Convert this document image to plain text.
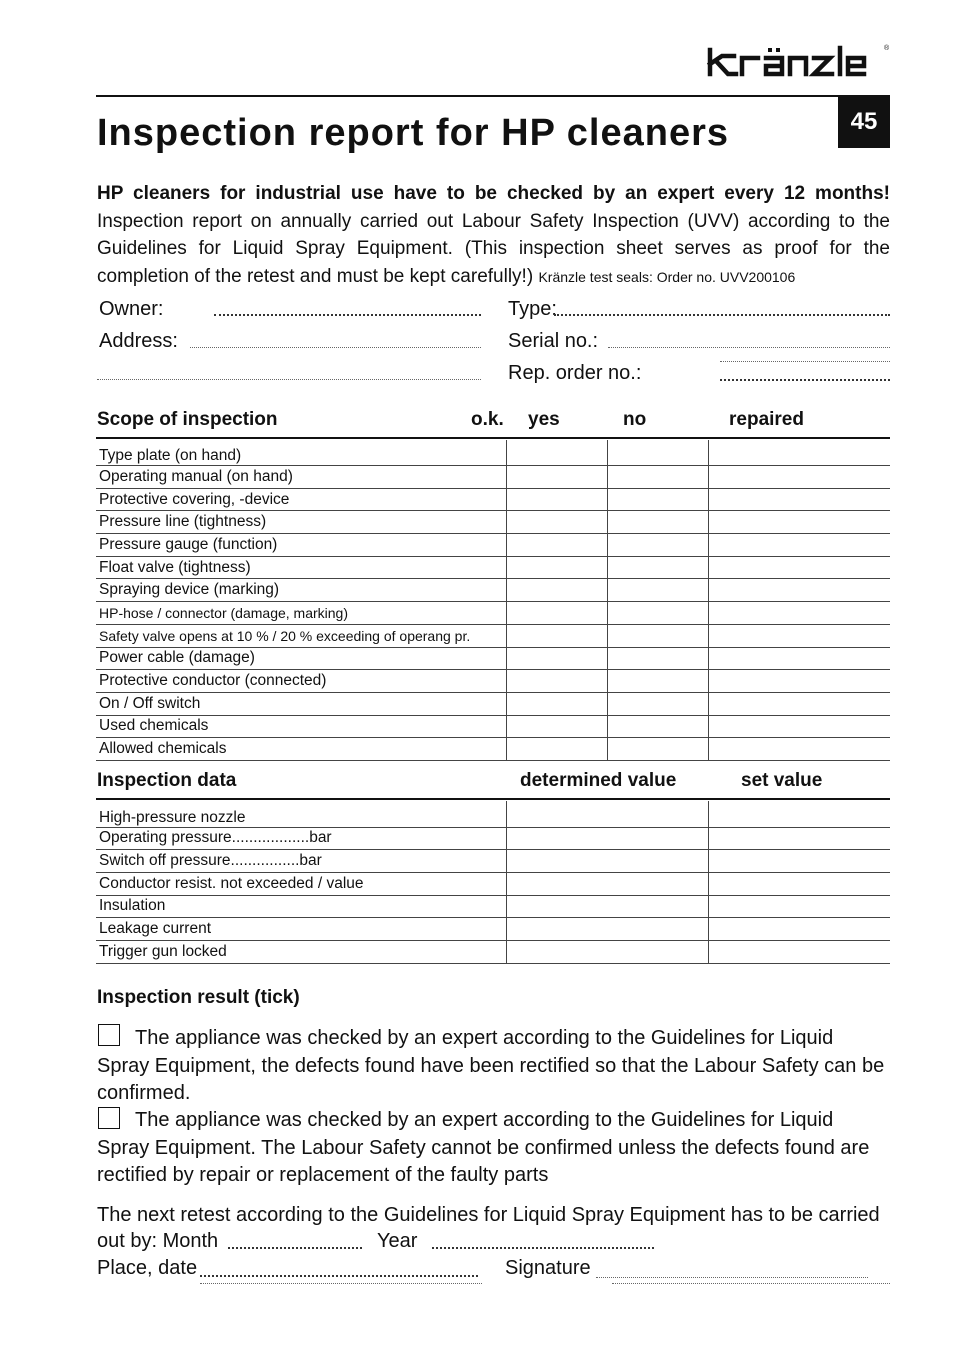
®
kränzle
45
Inspection report for HP cleaners
HP cleaners for industrial use have to be checked by an expert every 12 months! Inspection report on annually carried out Labour Safety Inspection (UVV) according to the Guidelines for Liquid Spray Equipment. (This inspection sheet serves as proof for the completion of the retest and must be kept carefully!) Kränzle test seals: Order no. UVV200106
Owner:
Address:
Type:
Serial no.:
Rep. order no.:
Scope of inspection	o.k. yes	no	repaired
Type plate (on hand)			
Operating manual (on hand)			
Protective covering, -device			
Pressure line (tightness)			
Pressure gauge (function)			
Float valve (tightness)			
Spraying device (marking)			
HP-hose / connector (damage, marking)			
Safety valve opens at 10 % / 20 % exceeding of operang pr.			
Power cable (damage)			
Protective conductor (connected)			
On / Off switch			
Used chemicals			
Allowed chemicals			
Inspection data	determined value	set value
High-pressure nozzle		
Operating pressure..................bar		
Switch off pressure................bar		
Conductor resist. not exceeded / value		
Insulation		
Leakage current		
Trigger gun locked		
Inspection result (tick)
The appliance was checked by an expert according to the Guidelines for Liquid Spray Equipment, the defects found have been rectified so that the Labour Safety can be confirmed.
The appliance was checked by an expert according to the Guidelines for Liquid Spray Equipment. The Labour Safety cannot be confirmed unless the defects found are rectified by repair or replacement of the faulty parts
The next retest according to the Guidelines for Liquid Spray Equipment has to be carried
out by: Month	Year
Place, date	Signature
